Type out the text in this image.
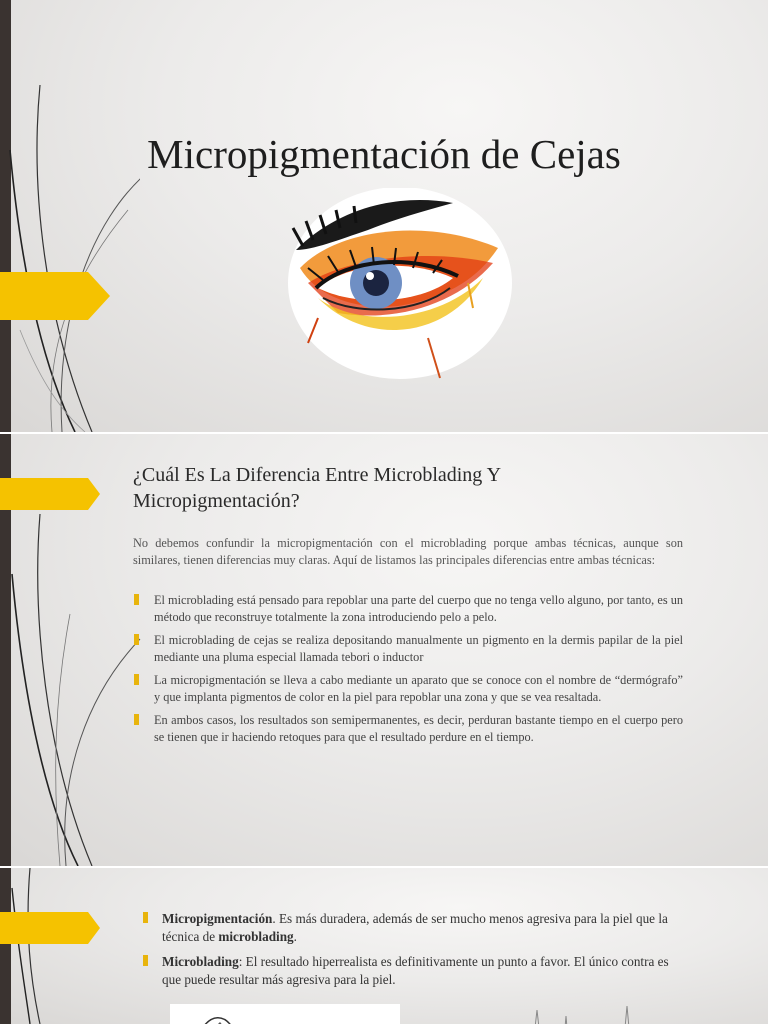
Micropigmentación de Cejas
¿Cuál Es La Diferencia Entre Microblading Y Micropigmentación?

No debemos confundir la micropigmentación con el microblading porque ambas técnicas, aunque son similares, tienen diferencias muy claras. Aquí de listamos las principales diferencias entre ambas técnicas:

El microblading está pensado para repoblar una parte del cuerpo que no tenga vello alguno, por tanto, es un método que reconstruye totalmente la zona introduciendo pelo a pelo.
El microblading de cejas se realiza depositando manualmente un pigmento en la dermis papilar de la piel mediante una pluma especial llamada tebori o inductor
La micropigmentación se lleva a cabo mediante un aparato que se conoce con el nombre de “dermógrafo” y que implanta pigmentos de color en la piel para repoblar una zona y que se vea resaltada.
En ambos casos, los resultados son semipermanentes, es decir, perduran bastante tiempo en el cuerpo pero se tienen que ir haciendo retoques para que el resultado perdure en el tiempo.
Micropigmentación. Es más duradera, además de ser mucho menos agresiva para la piel que la técnica de microblading.
Microblading: El resultado hiperrealista es definitivamente un punto a favor. El único contra es que puede resultar más agresiva para la piel.
